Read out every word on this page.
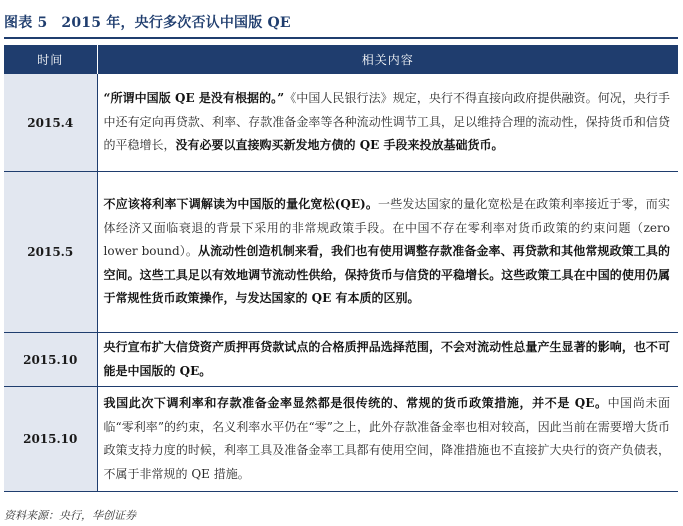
图表 5 2015 年，央行多次否认中国版 QE
时间	相关内容
2015.4	“所谓中国版 QE 是没有根据的。”《中国人民银行法》规定，央行不得直接向政府提供融资。何况，央行手中还有定向再贷款、利率、存款准备金率等各种流动性调节工具，足以维持合理的流动性，保持货币和信贷的平稳增长，没有必要以直接购买新发地方债的 QE 手段来投放基础货币。
2015.5	不应该将利率下调解读为中国版的量化宽松(QE)。一些发达国家的量化宽松是在政策利率接近于零，而实体经济又面临衰退的背景下采用的非常规政策手段。在中国不存在零利率对货币政策的约束问题（zero lower bound）。从流动性创造机制来看，我们也有使用调整存款准备金率、再贷款和其他常规政策工具的空间。这些工具足以有效地调节流动性供给，保持货币与信贷的平稳增长。这些政策工具在中国的使用仍属于常规性货币政策操作，与发达国家的 QE 有本质的区别。
2015.10	央行宣布扩大信贷资产质押再贷款试点的合格质押品选择范围，不会对流动性总量产生显著的影响，也不可能是中国版的 QE。
2015.10	我国此次下调利率和存款准备金率显然都是很传统的、常规的货币政策措施，并不是 QE。中国尚未面临“零利率”的约束，名义利率水平仍在“零”之上，此外存款准备金率也相对较高，因此当前在需要增大货币政策支持力度的时候，利率工具及准备金率工具都有使用空间，降准措施也不直接扩大央行的资产负债表，不属于非常规的 QE 措施。
资料来源：央行，华创证券
